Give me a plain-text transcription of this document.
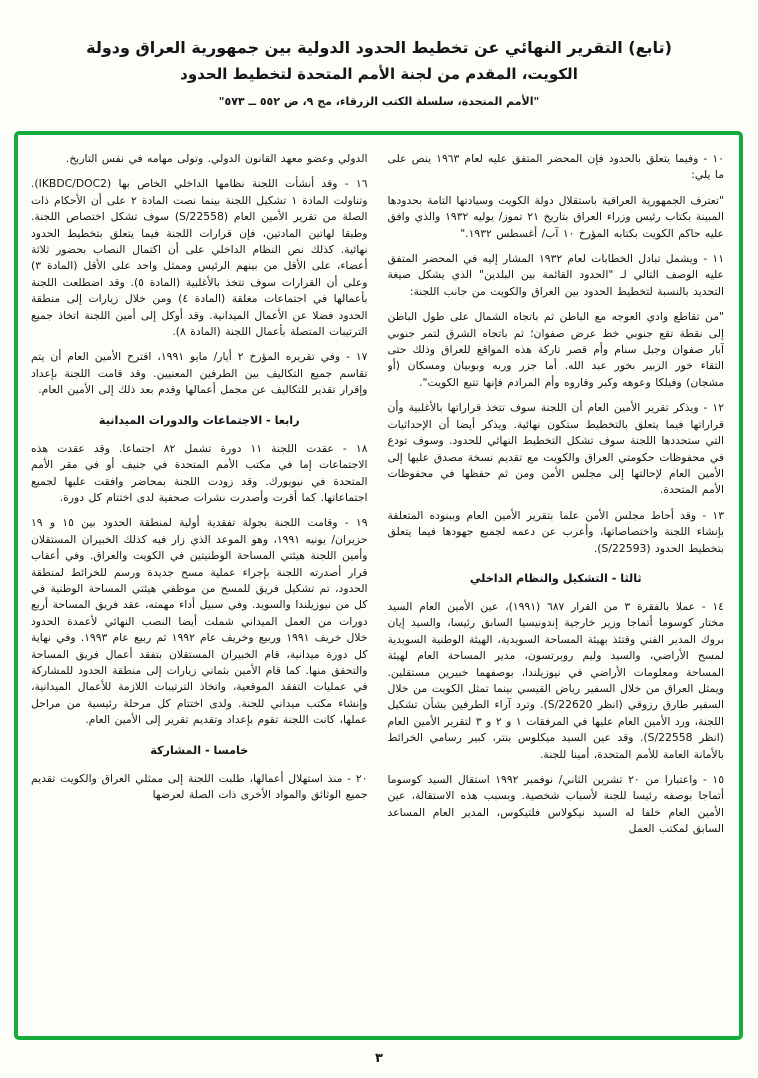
(تابع) التقرير النهائي عن تخطيط الحدود الدولية بين جمهورية العراق ودولة
الكويت، المقدم من لجنة الأمم المتحدة لتخطيط الحدود
"الأمم المتحدة، سلسلة الكتب الزرقاء، مج ٩، ص ٥٥٢ ــ ٥٧٣"

١٠ - وفيما يتعلق بالحدود فإن المحضر المتفق عليه لعام ١٩٦٣ ينص على ما يلي:

"تعترف الجمهورية العراقية باستقلال دولة الكويت وسيادتها التامة بحدودها المبينة بكتاب رئيس وزراء العراق بتاريخ ٢١ تموز/ يوليه ١٩٣٢ والذي وافق عليه حاكم الكويت بكتابه المؤرخ ١٠ آب/ أغسطس ١٩٣٢."

١١ - ويشمل تبادل الخطابات لعام ١٩٣٢ المشار إليه في المحضر المتفق عليه الوصف التالي لـ "الحدود القائمة بين البلدين" الذي يشكل صيغة التحديد بالنسبة لتخطيط الحدود بين العراق والكويت من جانب اللجنة:

"من تقاطع وادي العوجه مع الباطن ثم باتجاه الشمال على طول الباطن إلى نقطة تقع جنوبي خط عرض صفوان؛ ثم باتجاه الشرق لتمر جنوبي آبار صفوان وجبل سنام وأم قصر تاركة هذه المواقع للعراق وذلك حتى التقاء خور الزبير بخور عبد الله. أما جزر وربه وبوبيان ومسكان (أو مشجان) وفيلكا وعوهه وكبر وقاروه وأم المرادم فإنها تتبع الكويت".

١٢ - ويذكر تقرير الأمين العام أن اللجنة سوف تتخذ قراراتها بالأغلبية وأن قراراتها فيما يتعلق بالتخطيط ستكون نهائية. ويذكر أيضا أن الإحداثيات التي ستحددها اللجنة سوف تشكل التخطيط النهائي للحدود. وسوف تودع في محفوظات حكومتي العراق والكويت مع تقديم نسخة مصدق عليها إلى الأمين العام لإحالتها إلى مجلس الأمن ومن ثم حفظها في محفوظات الأمم المتحدة.

١٣ - وقد أحاط مجلس الأمن علما بتقرير الأمين العام وببنوده المتعلقة بإنشاء اللجنة واختصاصاتها، وأعرب عن دعمه لجميع جهودها فيما يتعلق بتخطيط الحدود (S/22593).

ثالثا - التشكيل والنظام الداخلي

١٤ - عملا بالفقرة ٣ من القرار ٦٨٧ (١٩٩١)، عين الأمين العام السيد مختار كوسوما أتماجا وزير خارجية إندونيسيا السابق رئيسا، والسيد إيان بروك المدير الفني وقتئذ بهيئة المساحة السويدية، الهيئة الوطنية السويدية لمسح الأراضي، والسيد وليم روبرتسون، مدير المساحة العام لهيئة المساحة ومعلومات الأراضي في نيوزيلندا، بوصفهما خبيرين مستقلين. ويمثل العراق من خلال السفير رياض القيسي بينما تمثل الكويت من خلال السفير طارق رزوقي (انظر S/22620). وترد آراء الطرفين بشأن تشكيل اللجنة، ورد الأمين العام عليها في المرفقات ١ و ٢ و ٣ لتقرير الأمين العام (انظر S/22558). وقد عين السيد ميكلوس بنتر، كبير رسامي الخرائط بالأمانة العامة للأمم المتحدة، أمينا للجنة.

١٥ - واعتبارا من ٢٠ تشرين الثاني/ نوفمبر ١٩٩٢ استقال السيد كوسوما أتماجا بوصفه رئيسا للجنة لأسباب شخصية. وبسبب هذه الاستقالة، عين الأمين العام خلفا له السيد نيكولاس فلتيكوس، المدير العام المساعد السابق لمكتب العمل

الدولي وعضو معهد القانون الدولي. وتولى مهامه في نفس التاريخ.

١٦ - وقد أنشأت اللجنة نظامها الداخلي الخاص بها (IKBDC/DOC2). وتناولت المادة ١ تشكيل اللجنة بينما نصت المادة ٢ على أن الأحكام ذات الصلة من تقرير الأمين العام (S/22558) سوف تشكل اختصاص اللجنة. وطبقا لهاتين المادتين، فإن قرارات اللجنة فيما يتعلق بتخطيط الحدود نهائية. كذلك نص النظام الداخلي على أن اكتمال النصاب بحضور ثلاثة أعضاء، على الأقل من بينهم الرئيس وممثل واحد على الأقل (المادة ٣) وعلى أن القرارات سوف تتخذ بالأغلبية (المادة ٥). وقد اضطلعت اللجنة بأعمالها في اجتماعات مغلقة (المادة ٤) ومن خلال زيارات إلى منطقة الحدود فضلا عن الأعمال الميدانية. وقد أوكل إلى أمين اللجنة اتخاذ جميع الترتيبات المتصلة بأعمال اللجنة (المادة ٨).

١٧ - وفي تقريره المؤرخ ٢ أيار/ مايو ١٩٩١، اقترح الأمين العام أن يتم تقاسم جميع التكاليف بين الطرفين المعنيين. وقد قامت اللجنة بإعداد وإقرار تقدير للتكاليف عن مجمل أعمالها وقدم بعد ذلك إلى الأمين العام.

رابعا - الاجتماعات والدورات الميدانية

١٨ - عقدت اللجنة ١١ دورة تشمل ٨٢ اجتماعا. وقد عقدت هذه الاجتماعات إما في مكتب الأمم المتحدة في جنيف أو في مقر الأمم المتحدة في نيويورك. وقد زودت اللجنة بمحاضر وافقت عليها لجميع اجتماعاتها. كما أقرت وأصدرت نشرات صحفية لدى اختتام كل دورة.

١٩ - وقامت اللجنة بجولة تفقدية أولية لمنطقة الحدود بين ١٥ و ١٩ حزيران/ يونيه ١٩٩١، وهو الموعد الذي زار فيه كذلك الخبيران المستقلان وأمين اللجنة هيئتي المساحة الوطنيتين في الكويت والعراق. وفي أعقاب قرار أصدرته اللجنة بإجراء عملية مسح جديدة ورسم للخرائط لمنطقة الحدود، تم تشكيل فريق للمسح من موظفي هيئتي المساحة الوطنية في كل من نيوزيلندا والسويد. وفي سبيل أداء مهمته، عقد فريق المساحة أربع دورات من العمل الميداني شملت أيضا النصب النهائي لأعمدة الحدود خلال خريف ١٩٩١ وربيع وخريف عام ١٩٩٢ ثم ربيع عام ١٩٩٣. وفي نهاية كل دورة ميدانية، قام الخبيران المستقلان بتفقد أعمال فريق المساحة والتحقق منها. كما قام الأمين بثماني زيارات إلى منطقة الحدود للمشاركة في عمليات التفقد الموقعية، واتخاذ الترتيبات اللازمة للأعمال الميدانية، وإنشاء مكتب ميداني للجنة. ولدى اختتام كل مرحلة رئيسية من مراحل عملها، كانت اللجنة تقوم بإعداد وتقديم تقرير إلى الأمين العام.

خامسا - المشاركة

٢٠ - منذ استهلال أعمالها، طلبت اللجنة إلى ممثلي العراق والكويت تقديم جميع الوثائق والمواد الأخرى ذات الصلة لعرضها

٣
